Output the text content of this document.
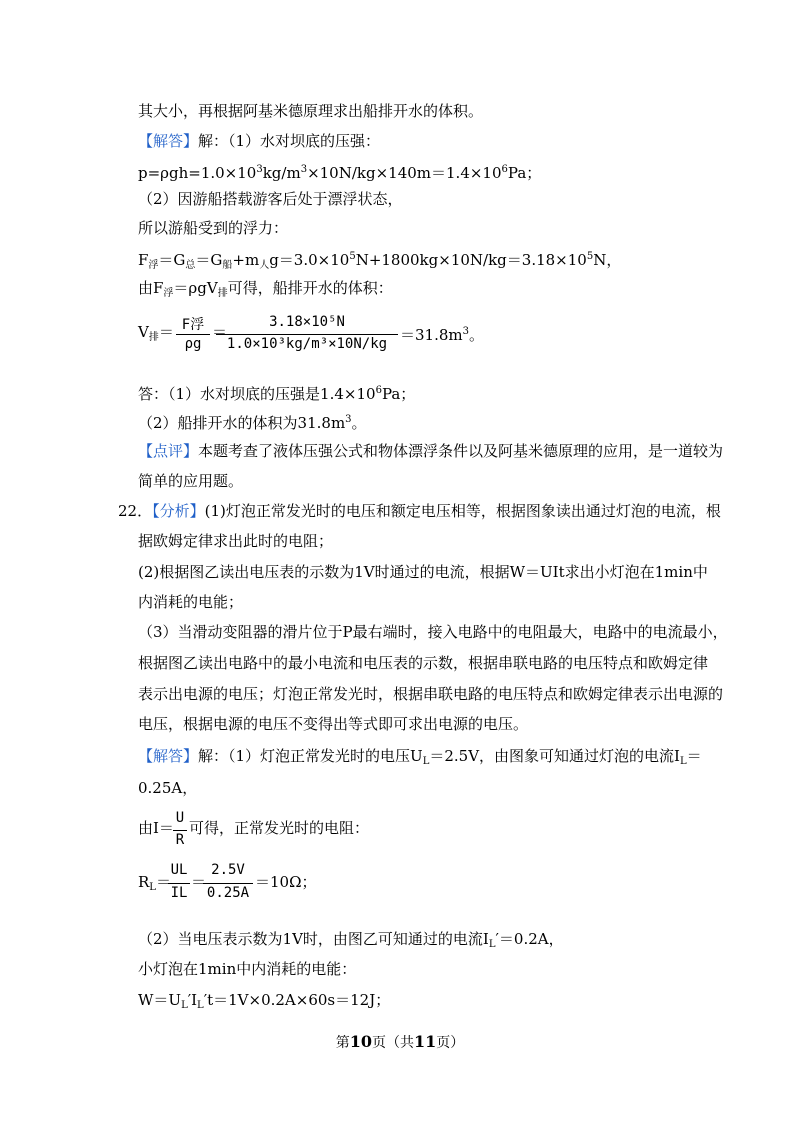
其大小，再根据阿基米德原理求出船排开水的体积。
【解答】解：（1）水对坝底的压强：
$p=\rho gh=1.0\times 10^3kg/m^3\times 10N/kg\times 140m=1.4\times 10^6Pa$；
（2）因游船搭载游客后处于漂浮状态，
所以游船受到的浮力：
$F_浮=G_总=G_船+m_人g=3.0\times 10^5N+1800kg\times 10N/kg=3.18\times 10^5N$，
由$F_浮=\rho gV_排$可得，船排开水的体积：
$V_排= F$浮
ρg
＝
3.18×10⁵N
$1.0\times 10^3kg/m^3\times 10N/kg =31.8m^3$。
答：（1）水对坝底的压强是$1.4\times 10^6Pa$；
（2）船排开水的体积为$31.8m^3$。
【点评】本题考查了液体压强公式和物体漂浮条件以及阿基米德原理的应用，是一道较为
简单的应用题。
22．【分析】(1)灯泡正常发光时的电压和额定电压相等，根据图象读出通过灯泡的电流，根
据欧姆定律求出此时的电阻；
(2)根据图乙读出电压表的示数为1V时通过的电流，根据W＝UIt求出小灯泡在1min中
内消耗的电能；
（3）当滑动变阻器的滑片位于P最右端时，接入电路中的电阻最大，电路中的电流最小，
根据图乙读出电路中的最小电流和电压表的示数，根据串联电路的电压特点和欧姆定律
表示出电源的电压；灯泡正常发光时，根据串联电路的电压特点和欧姆定律表示出电源的
电压，根据电源的电压不变得出等式即可求出电源的电压。
【解答】解：（1）灯泡正常发光时的电压$U_L=2.5V$，由图象可知通过灯泡的电流$I_L=$
0.25A，
由I＝
U
R
可得，正常发光时的电阻：
$R_L=$
UL
IL
＝
2.5V
0.25A
＝10Ω；
（2）当电压表示数为1V时，由图乙可知通过的电流$I_L'=0.2A$，
小灯泡在1min中内消耗的电能：
$W=U_L'I_L't=1V\times 0.2A\times 60s=12J$；
第10页（共11页）
